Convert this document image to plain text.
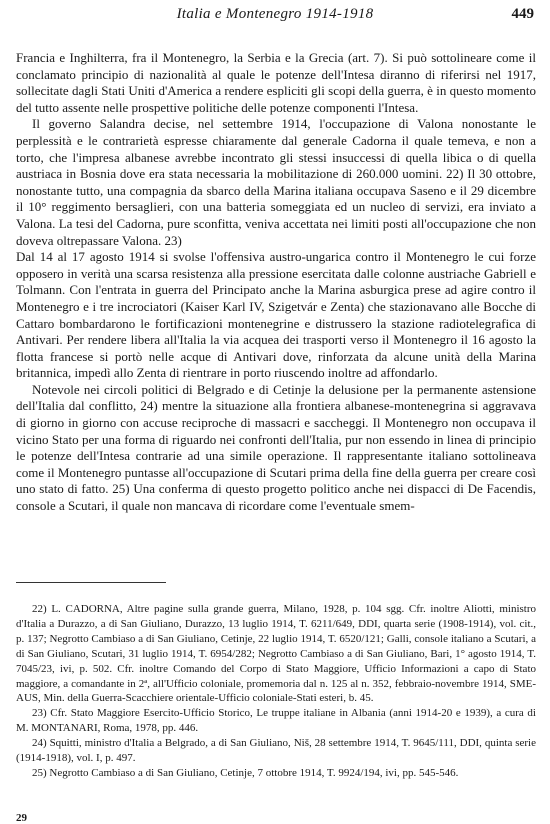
Italia e Montenegro 1914-1918	449

Francia e Inghilterra, fra il Montenegro, la Serbia e la Grecia (art. 7). Si può sottolineare come il conclamato principio di nazionalità al quale le potenze dell'Intesa diranno di riferirsi nel 1917, sollecitate dagli Stati Uniti d'America a rendere espliciti gli scopi della guerra, è in questo momento del tutto assente nelle prospettive politiche delle potenze componenti l'Intesa.

Il governo Salandra decise, nel settembre 1914, l'occupazione di Valona nonostante le perplessità e le contrarietà espresse chiaramente dal generale Cadorna il quale temeva, e non a torto, che l'impresa albanese avrebbe incontrato gli stessi insuccessi di quella libica o di quella austriaca in Bosnia dove era stata necessaria la mobilitazione di 260.000 uomini. 22) Il 30 ottobre, nonostante tutto, una compagnia da sbarco della Marina italiana occupava Saseno e il 29 dicembre il 10° reggimento bersaglieri, con una batteria someggiata ed un nucleo di servizi, era inviato a Valona. La tesi del Cadorna, pure sconfitta, veniva accettata nei limiti posti all'occupazione che non doveva oltrepassare Valona. 23)

Dal 14 al 17 agosto 1914 si svolse l'offensiva austro-ungarica contro il Montenegro le cui forze opposero in verità una scarsa resistenza alla pressione esercitata dalle colonne austriache Gabriell e Tolmann. Con l'entrata in guerra del Principato anche la Marina asburgica prese ad agire contro il Montenegro e i tre incrociatori (Kaiser Karl IV, Szigetvár e Zenta) che stazionavano alle Bocche di Cattaro bombardarono le fortificazioni montenegrine e distrussero la stazione radiotelegrafica di Antivari. Per rendere libera all'Italia la via acquea dei trasporti verso il Montenegro il 16 agosto la flotta francese si portò nelle acque di Antivari dove, rinforzata da alcune unità della Marina britannica, impedì allo Zenta di rientrare in porto riuscendo inoltre ad affondarlo.

Notevole nei circoli politici di Belgrado e di Cetinje la delusione per la permanente astensione dell'Italia dal conflitto, 24) mentre la situazione alla frontiera albanese-montenegrina si aggravava di giorno in giorno con accuse reciproche di massacri e saccheggi. Il Montenegro non occupava il vicino Stato per una forma di riguardo nei confronti dell'Italia, pur non essendo in linea di principio le potenze dell'Intesa contrarie ad una simile operazione. Il rappresentante italiano sottolineava come il Montenegro puntasse all'occupazione di Scutari prima della fine della guerra per creare così uno stato di fatto. 25) Una conferma di questo progetto politico anche nei dispacci di De Facendis, console a Scutari, il quale non mancava di ricordare come l'eventuale smem-

22) L. CADORNA, Altre pagine sulla grande guerra, Milano, 1928, p. 104 sgg. Cfr. inoltre Aliotti, ministro d'Italia a Durazzo, a di San Giuliano, Durazzo, 13 luglio 1914, T. 6211/649, DDI, quarta serie (1908-1914), vol. cit., p. 137; Negrotto Cambiaso a di San Giuliano, Cetinje, 22 luglio 1914, T. 6520/121; Galli, console italiano a Scutari, a di San Giuliano, Scutari, 31 luglio 1914, T. 6954/282; Negrotto Cambiaso a di San Giuliano, Bari, 1° agosto 1914, T. 7045/23, ivi, p. 502. Cfr. inoltre Comando del Corpo di Stato Maggiore, Ufficio Informazioni a capo di Stato maggiore, a comandante in 2ª, all'Ufficio coloniale, promemoria dal n. 125 al n. 352, febbraio-novembre 1914, SME-AUS, Min. della Guerra-Scacchiere orientale-Ufficio coloniale-Stati esteri, b. 45.

23) Cfr. Stato Maggiore Esercito-Ufficio Storico, Le truppe italiane in Albania (anni 1914-20 e 1939), a cura di M. MONTANARI, Roma, 1978, pp. 446.

24) Squitti, ministro d'Italia a Belgrado, a di San Giuliano, Niš, 28 settembre 1914, T. 9645/111, DDI, quinta serie (1914-1918), vol. I, p. 497.

25) Negrotto Cambiaso a di San Giuliano, Cetinje, 7 ottobre 1914, T. 9924/194, ivi, pp. 545-546.

29
